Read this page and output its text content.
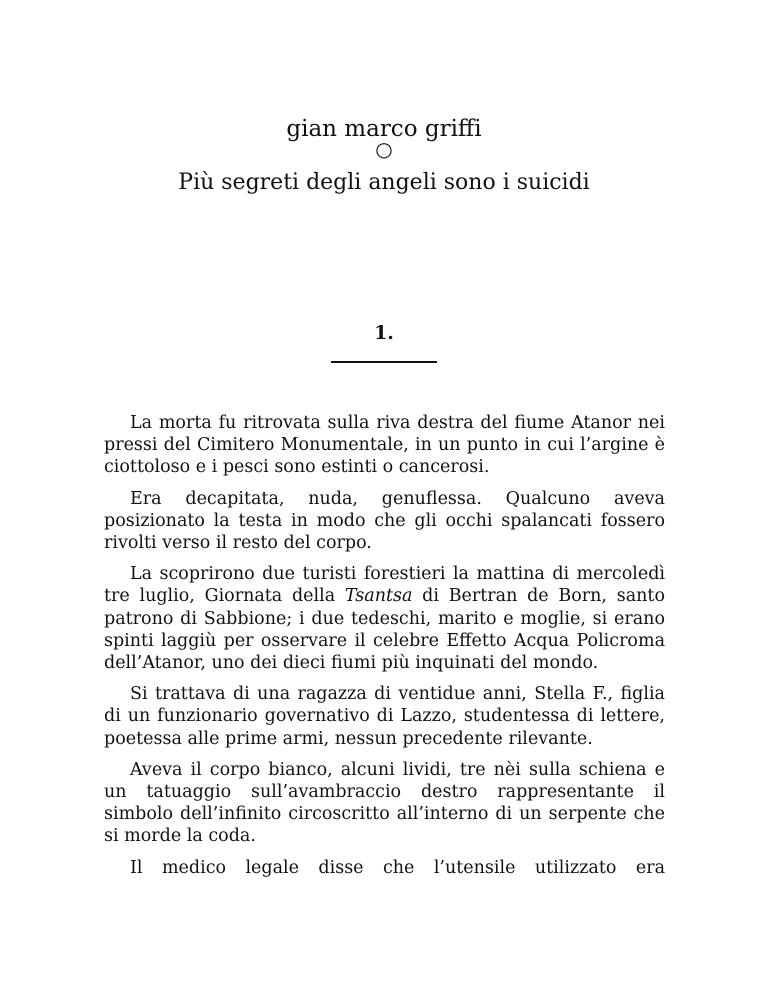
gian marco griffi
○
Più segreti degli angeli sono i suicidi
1.

La morta fu ritrovata sulla riva destra del fiume Atanor nei pressi del Cimitero Monumentale, in un punto in cui l’argine è ciottoloso e i pesci sono estinti o cancerosi.

Era decapitata, nuda, genuflessa. Qualcuno aveva posizionato la testa in modo che gli occhi spalancati fossero rivolti verso il resto del corpo.

La scoprirono due turisti forestieri la mattina di mercoledì tre luglio, Giornata della Tsantsa di Bertran de Born, santo patrono di Sabbione; i due tedeschi, marito e moglie, si erano spinti laggiù per osservare il celebre Effetto Acqua Policroma dell’Atanor, uno dei dieci fiumi più inquinati del mondo.

Si trattava di una ragazza di ventidue anni, Stella F., figlia di un funzionario governativo di Lazzo, studentessa di lettere, poetessa alle prime armi, nessun precedente rilevante.

Aveva il corpo bianco, alcuni lividi, tre nèi sulla schiena e un tatuaggio sull’avambraccio destro rappresentante il simbolo dell’infinito circoscritto all’interno di un serpente che si morde la coda.

Il medico legale disse che l’utensile utilizzato era
